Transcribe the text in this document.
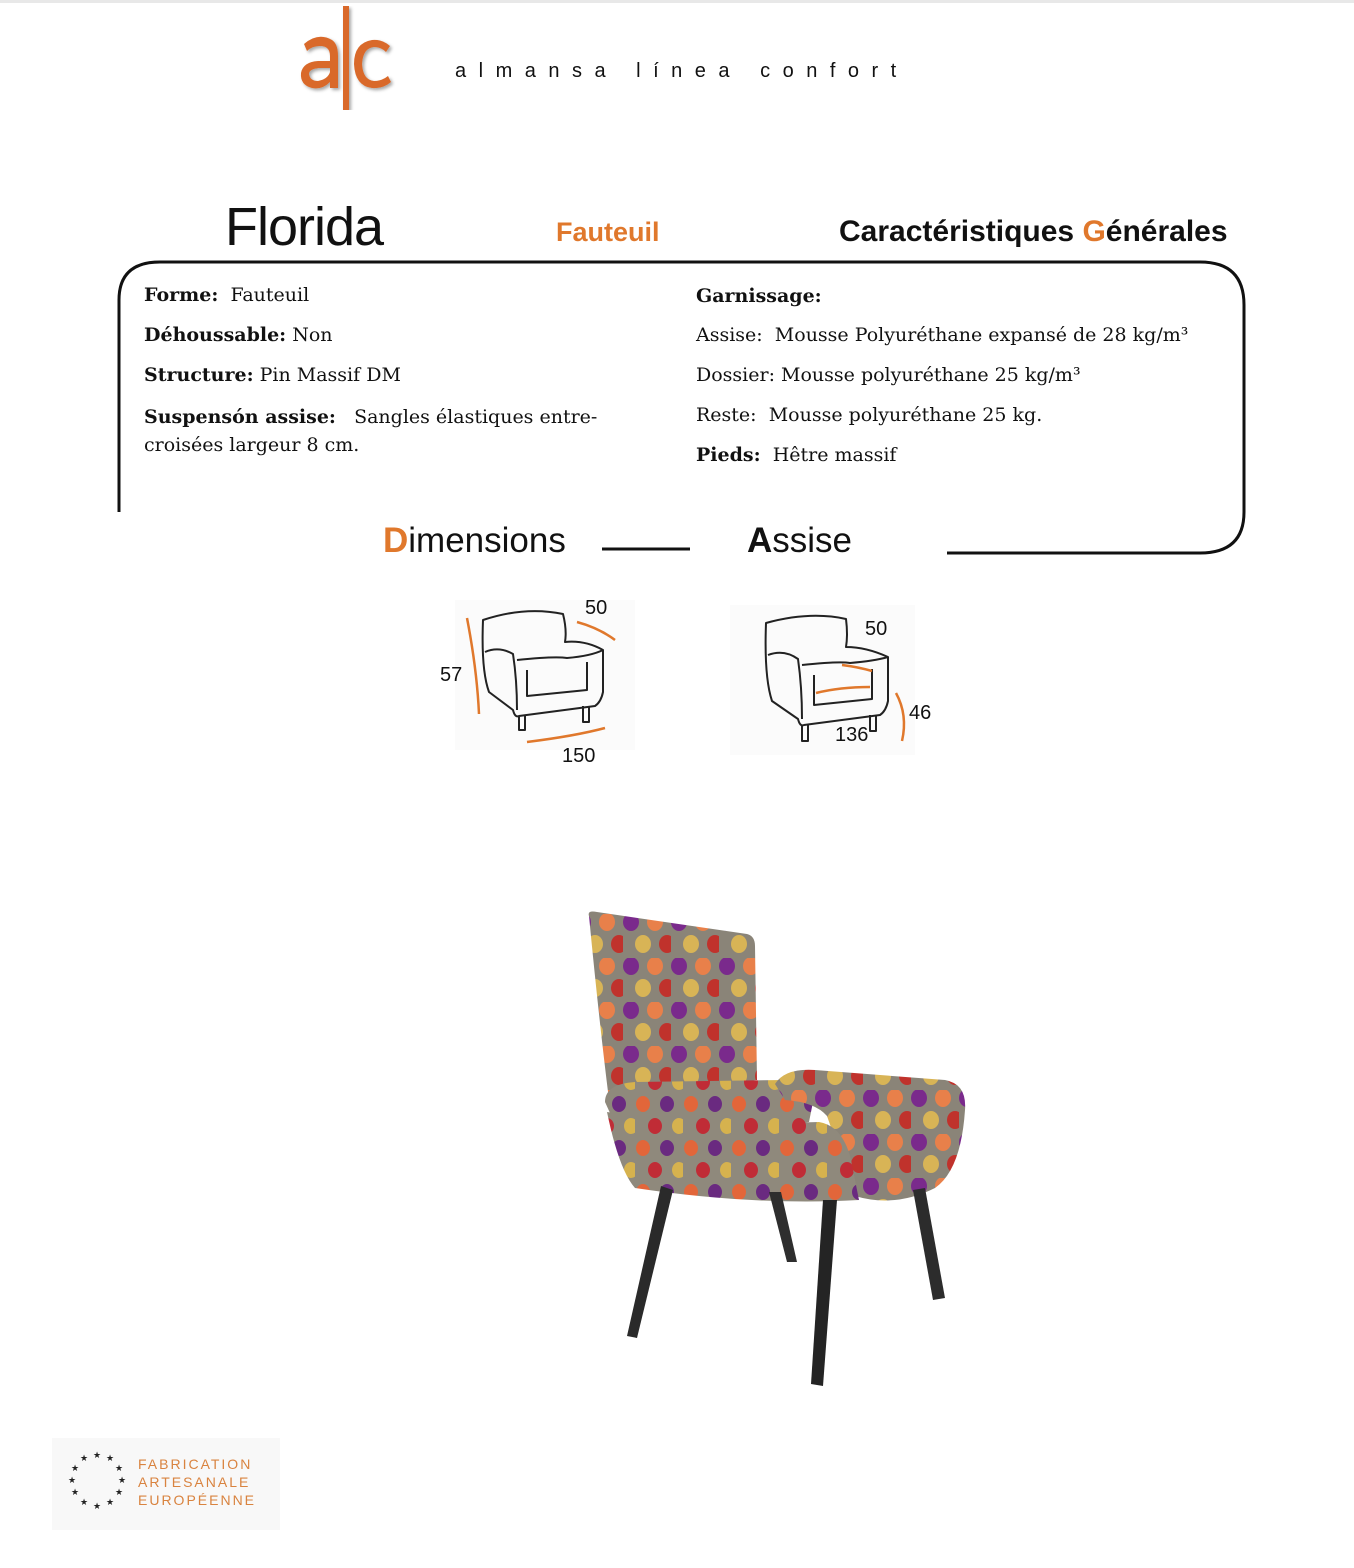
almansa línea confort
Florida	Fauteuil	Caractéristiques Générales
Forme: Fauteuil
Déhoussable: Non
Structure: Pin Massif DM
Suspensón assise: Sangles élastiques entre-croisées largeur 8 cm.
Garnissage:
Assise: Mousse Polyuréthane expansé de 28 kg/m³
Dossier: Mousse polyuréthane 25 kg/m³
Reste: Mousse polyuréthane 25 kg.
Pieds: Hêtre massif
Dimensions	Assise
57
50
150
50
46
136
★ ★
★
★
★
★
★
★
★
★
★
★	FABRICATION
ARTESANALE
EUROPÉENNE
